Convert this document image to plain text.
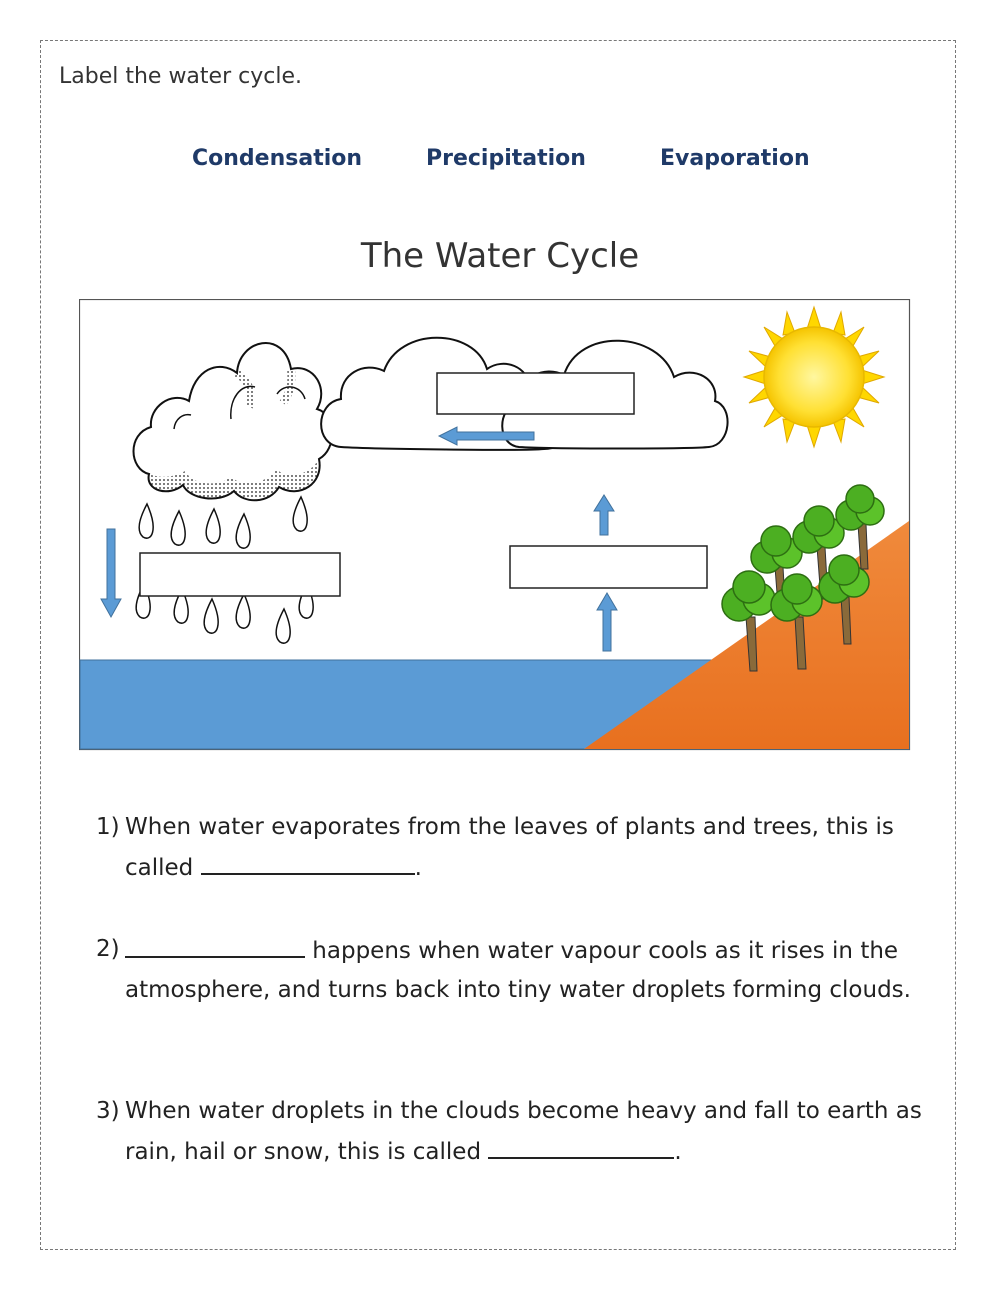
Label the water cycle.
Condensation	Precipitation	Evaporation
The Water Cycle
1) When water evaporates from the leaves of plants and trees, this is called	.
2)	happens when water vapour cools as it rises in the atmosphere, and turns back into tiny water droplets forming clouds.
3) When water droplets in the clouds become heavy and fall to earth as rain, hail or snow, this is called	.
